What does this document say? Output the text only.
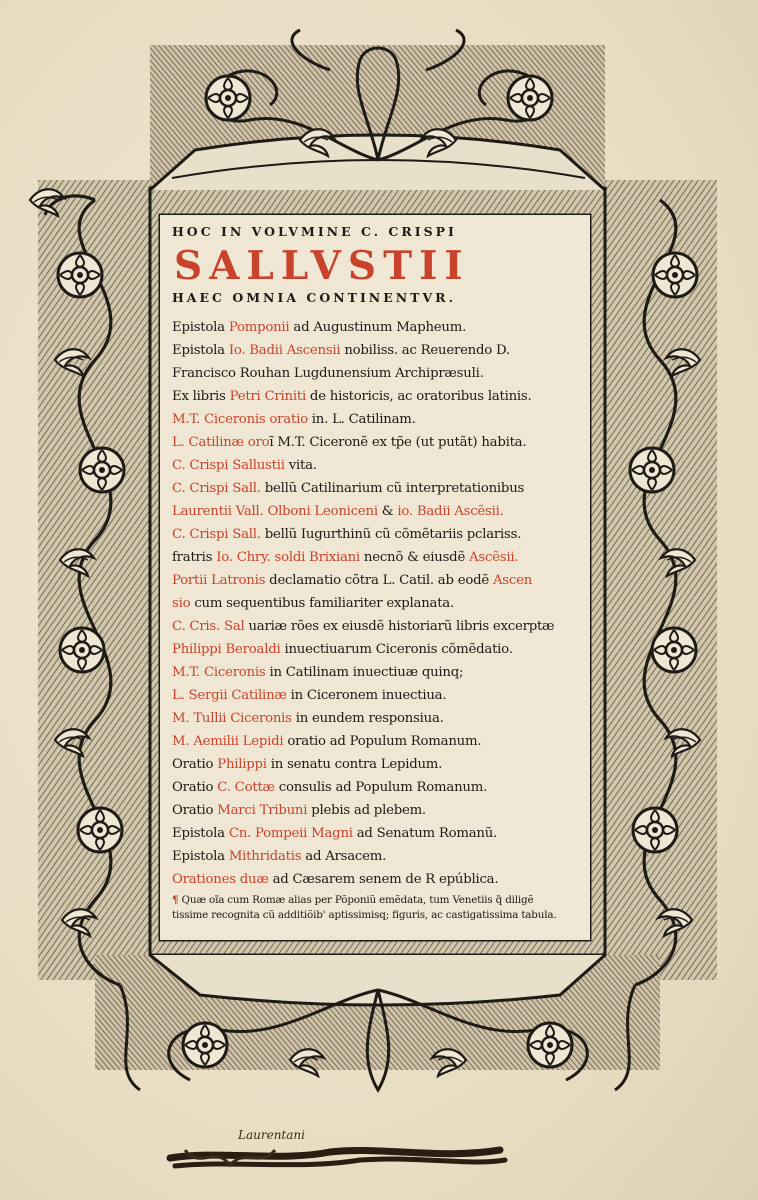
HOC IN VOLVMINE C. CRISPI
SALLVSTII
HAEC OMNIA CONTINENTVR.
Epistola Pomponii ad Augustinum Mapheum.
Epistola Io. Badii Ascensii nobiliss. ac Reuerendo D.
Francisco Rouhan Lugdunensium Archipræsuli.
Ex libris Petri Criniti de historicis, ac oratoribus latinis.
M.T. Ciceronis oratio in. L. Catilinam.
L. Catilinæ oroĩ M.T. Ciceronẽ ex tp̃e (ut putãt) habita.
C. Crispi Sallustii vita.
C. Crispi Sall. bellũ Catilinarium cũ interpretationibus
Laurentii Vall. Olboni Leoniceni & io. Badii Ascẽsii.
C. Crispi Sall. bellũ Iugurthinũ cũ cõmẽtariis pclariss.
fratris Io. Chry. soldi Brixiani necnõ & eiusdẽ Ascẽsii.
Portii Latronis declamatio cõtra L. Catil. ab eodẽ Ascen
sio cum sequentibus familiariter explanata.
C. Cris. Sal uariæ rões ex eiusdẽ historiarũ libris excerptæ
Philippi Beroaldi inuectiuarum Ciceronis cõmẽdatio.
M.T. Ciceronis in Catilinam inuectiuæ quinq;
L. Sergii Catilinæ in Ciceronem inuectiua.
M. Tullii Ciceronis in eundem responsiua.
M. Aemilii Lepidi oratio ad Populum Romanum.
Oratio Philippi in senatu contra Lepidum.
Oratio C. Cottæ consulis ad Populum Romanum.
Oratio Marci Tribuni plebis ad plebem.
Epistola Cn. Pompeii Magni ad Senatum Romanũ.
Epistola Mithridatis ad Arsacem.
Orationes duæ ad Cæsarem senem de R epública.
¶ Quæ oĩa cum Romæ alias per Põponiũ emẽdata, tum Venetiis q̃ diligẽ
tissime recognita cũ additiõib' aptissimisq; figuris, ac castigatissima tabula.
Laurentani
